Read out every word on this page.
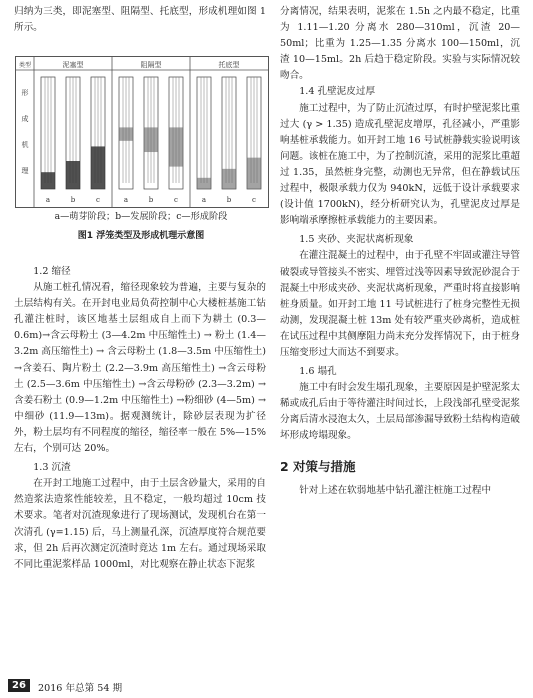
归纳为三类，即泥塞型、阻隔型、托底型，形成机理如图 1 所示。

类型	泥塞型	阻隔型	托底型
形
成
机
理
a	b	c	a	b	c	a	b	c
a—萌芽阶段；b—发展阶段；c—形成阶段
图1 浮笼类型及形成机理示意图

1.2 缩径

从施工桩孔情况看，缩径现象较为普遍，主要与复杂的土层结构有关。在开封电业局负荷控制中心大楼桩基施工钻孔灌注桩时，该区地基土层组成自上而下为耕土 (0.3—0.6m)→含云母粉土 (3—4.2m 中压缩性土) → 粉土 (1.4—3.2m 高压缩性土) → 含云母粉土 (1.8—3.5m 中压缩性土) →含姜石、陶片粉土 (2.2—3.9m 高压缩性土) →含云母粉土 (2.5—3.6m 中压缩性土) →含云母粉砂 (2.3—3.2m) →含姜石粉土 (0.9—1.2m 中压缩性土) →粉细砂 (4—5m) →中细砂 (11.9—13m)。据观测统计，除砂层表现为扩径外，粉土层均有不同程度的缩径，缩径率一般在 5%—15%左右，个别可达 20%。

1.3 沉渣

在开封工地施工过程中，由于土层含砂量大，采用的自然造浆法造浆性能较差，且不稳定，一般均超过 10cm 技术要求。笔者对沉渣现象进行了现场测试，发现机台在第一次清孔 (γ=1.15) 后，马上测量孔深，沉渣厚度符合规范要求，但 2h 后再次测定沉渣时竟达 1m 左右。通过现场采取不同比重泥浆样品 1000ml，对比观察在静止状态下泥浆

分离情况，结果表明，泥浆在 1.5h 之内最不稳定，比重为 1.11—1.20 分离水 280—310ml，沉渣 20—50ml；比重为 1.25—1.35 分离水 100—150ml，沉渣 10—15ml。2h 后趋于稳定阶段。实验与实际情况较吻合。

1.4 孔壁泥皮过厚

施工过程中，为了防止沉渣过厚，有时护壁泥浆比重过大 (γ > 1.35) 造成孔壁泥皮增厚，孔径减小，严重影响基桩承载能力。如开封工地 16 号试桩静载实验说明该问题。该桩在施工中，为了控制沉渣，采用的泥浆比重超过 1.35，虽然桩身完整，动测也无异常，但在静载试压过程中，极限承载力仅为 940kN，远低于设计承载要求 (设计值 1700kN)，经分析研究认为，孔壁泥皮过厚是影响端承摩擦桩承载能力的主要因素。

1.5 夹砂、夹泥状离析现象

在灌注混凝土的过程中，由于孔壁不牢固或灌注导管破裂或导管接头不密实、埋管过浅等因素导致泥砂混合于混凝土中形成夹砂、夹泥状离析现象，严重时将直接影响桩身质量。如开封工地 11 号试桩进行了桩身完整性无损动测，发现混凝土桩 13m 处有较严重夹砂离析，造成桩在试压过程中其侧摩阻力尚未充分发挥情况下，由于桩身压缩变形过大而达不到要求。

1.6 塌孔

施工中有时会发生塌孔现象，主要原因是护壁泥浆太稀或成孔后由于等待灌注时间过长，上段浅部孔壁受泥浆分离后清水浸泡太久，土层局部渗漏导致粉土结构构造破坏形成垮塌现象。

2 对策与措施

针对上述在软弱地基中钻孔灌注桩施工过程中

26	2016 年总第 54 期
